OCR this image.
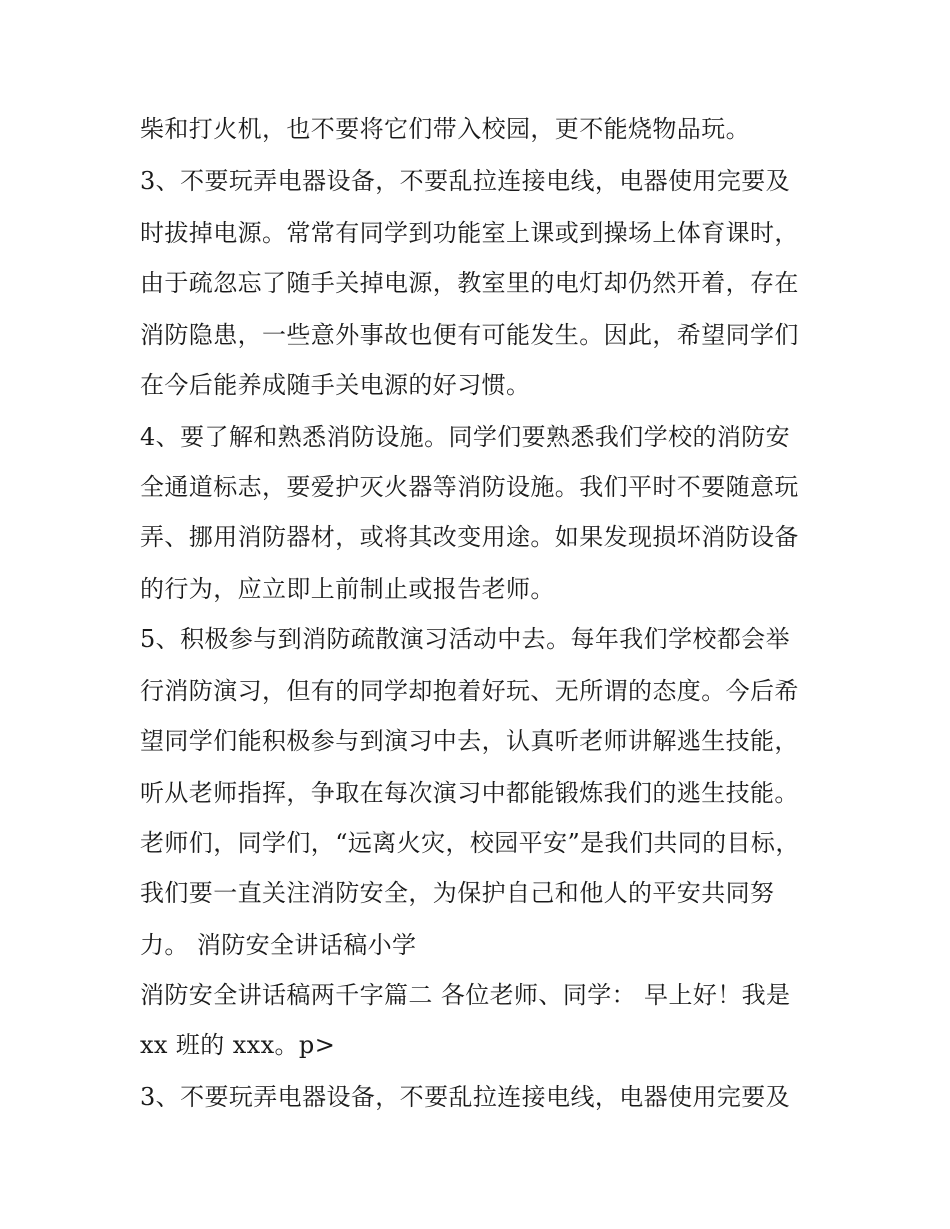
柴和打火机，也不要将它们带入校园，更不能烧物品玩。

3、不要玩弄电器设备，不要乱拉连接电线，电器使用完要及

时拔掉电源。常常有同学到功能室上课或到操场上体育课时，

由于疏忽忘了随手关掉电源，教室里的电灯却仍然开着，存在

消防隐患，一些意外事故也便有可能发生。因此，希望同学们

在今后能养成随手关电源的好习惯。

4、要了解和熟悉消防设施。同学们要熟悉我们学校的消防安

全通道标志，要爱护灭火器等消防设施。我们平时不要随意玩

弄、挪用消防器材，或将其改变用途。如果发现损坏消防设备

的行为，应立即上前制止或报告老师。

5、积极参与到消防疏散演习活动中去。每年我们学校都会举

行消防演习，但有的同学却抱着好玩、无所谓的态度。今后希

望同学们能积极参与到演习中去，认真听老师讲解逃生技能，

听从老师指挥，争取在每次演习中都能锻炼我们的逃生技能。

老师们，同学们，“远离火灾，校园平安”是我们共同的目标，

我们要一直关注消防安全，为保护自己和他人的平安共同努

力。 消防安全讲话稿小学

消防安全讲话稿两千字篇二 各位老师、同学： 早上好！我是

xx 班的 xxx。p>

3、不要玩弄电器设备，不要乱拉连接电线，电器使用完要及
